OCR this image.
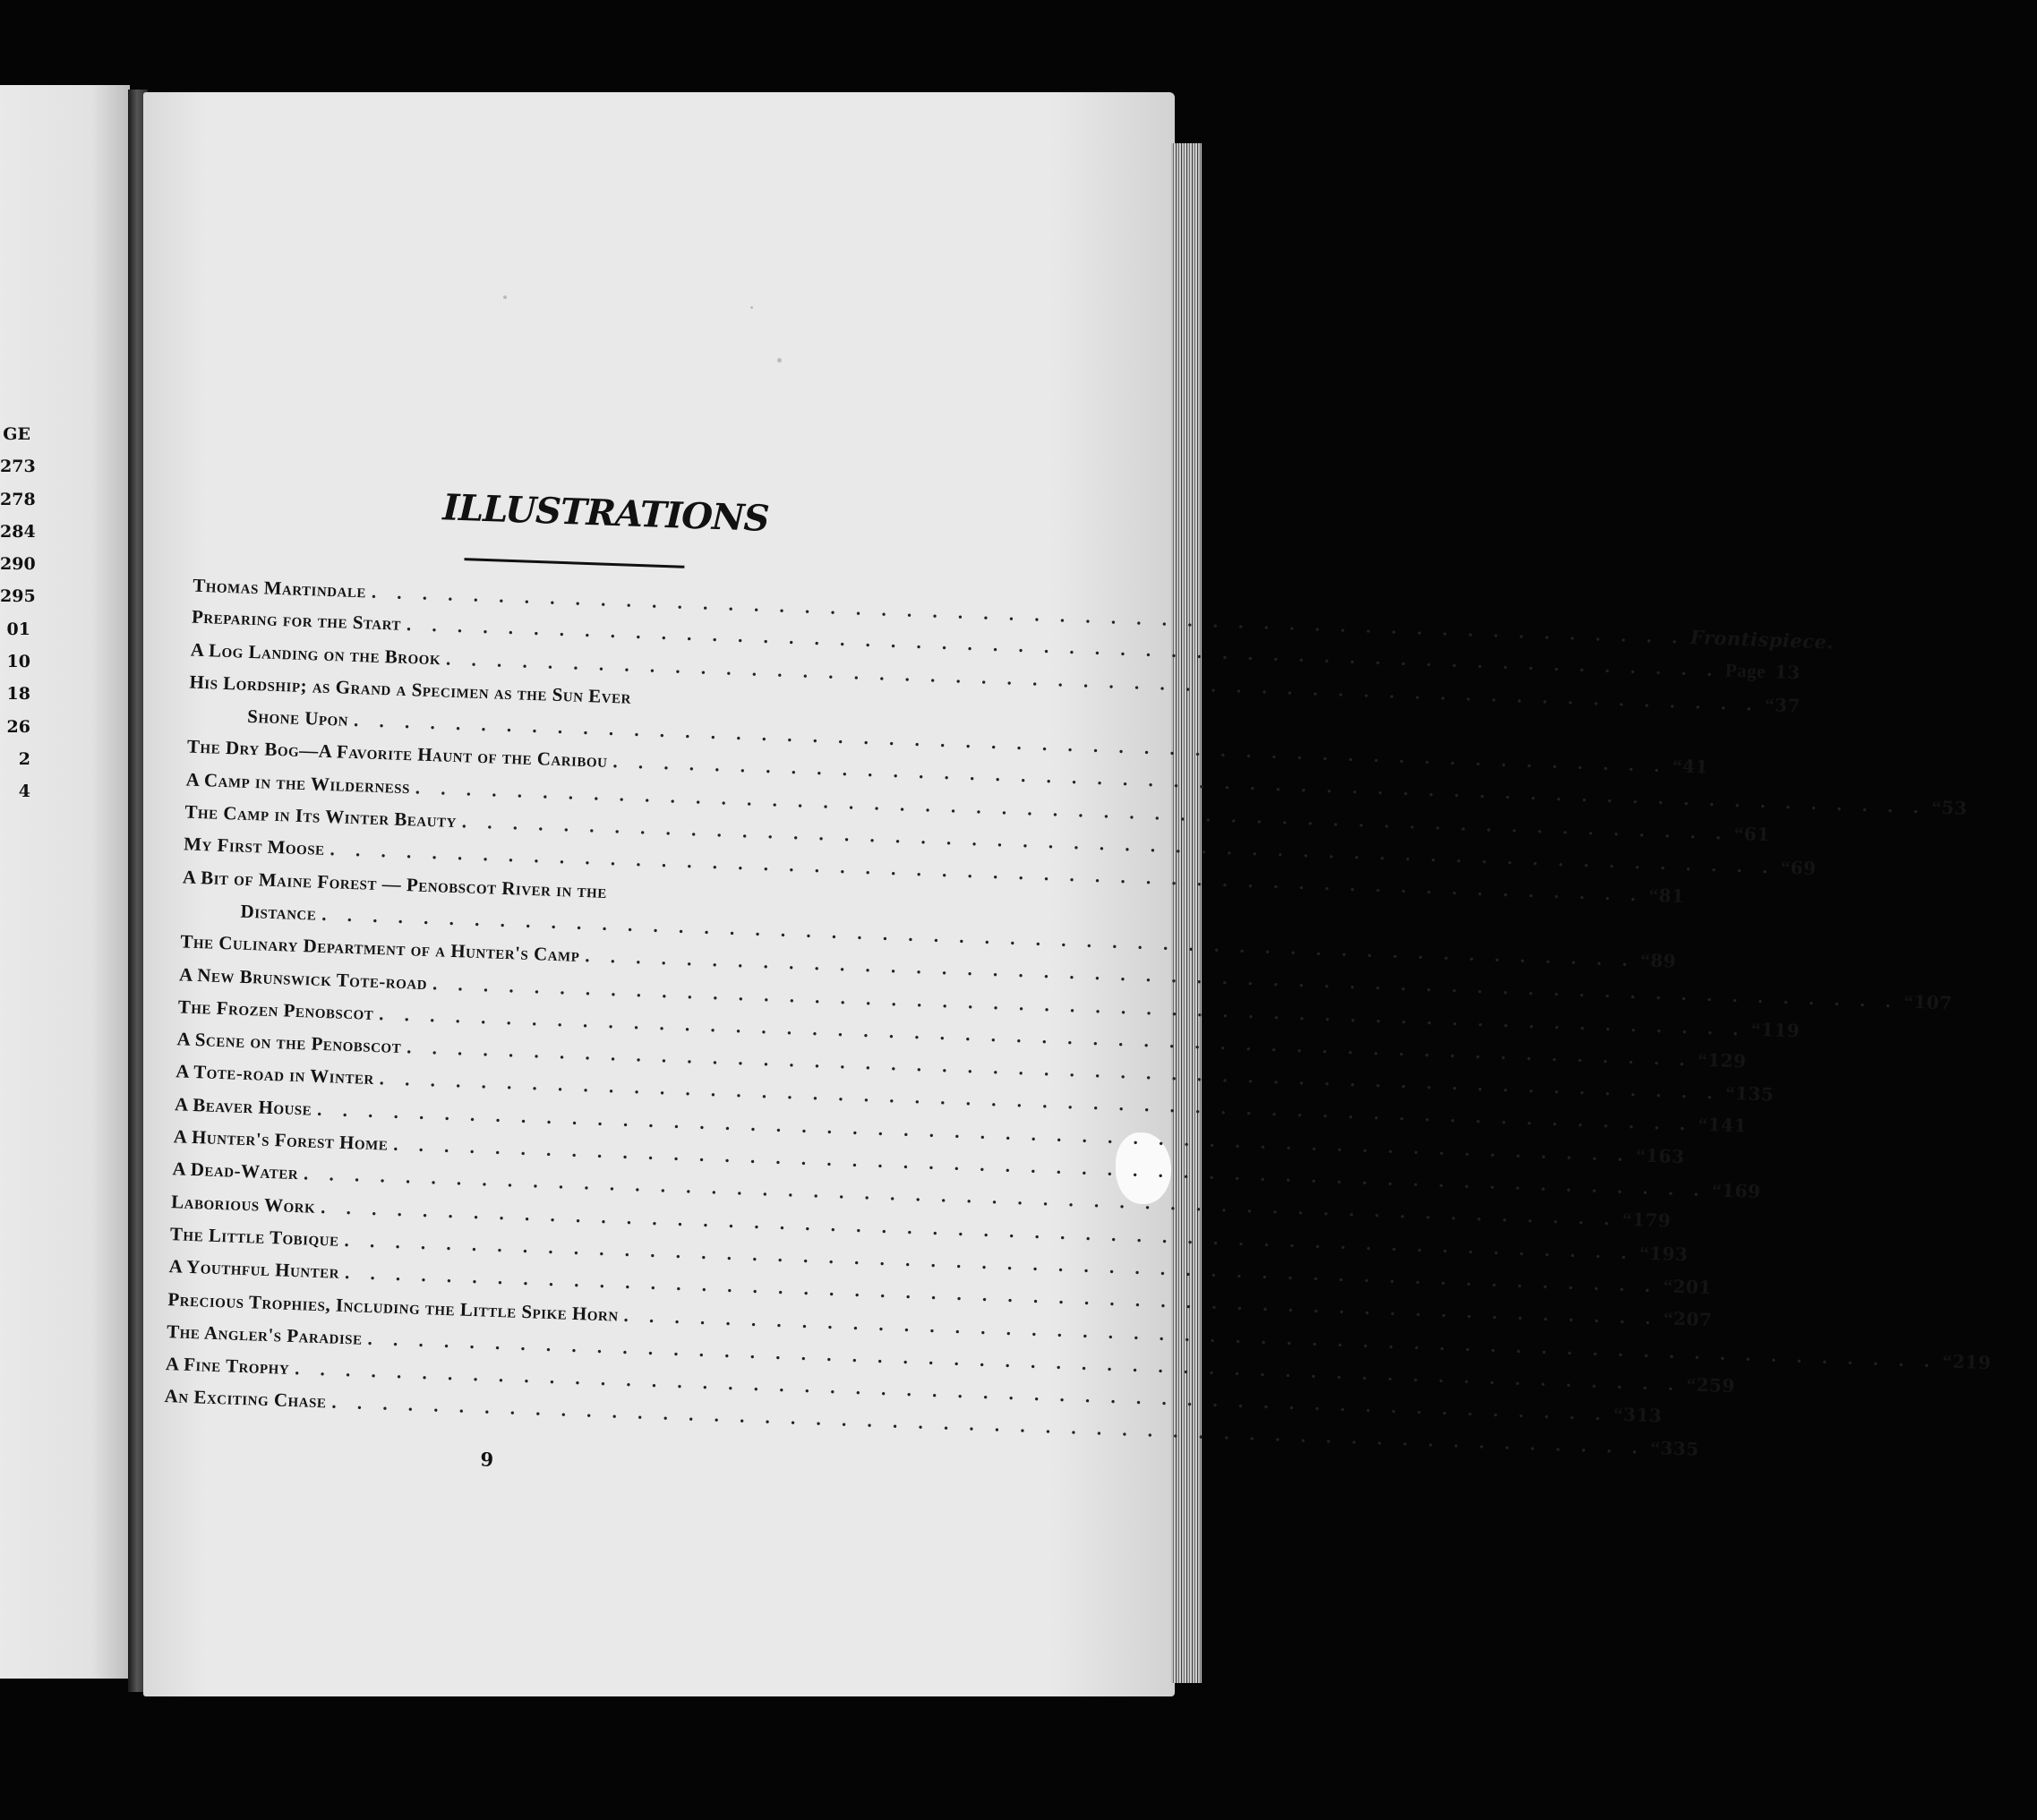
GE
273
278
284
290
295
01
10
18
26
2
4
ILLUSTRATIONS
Thomas Martindale
. . .
Frontispiece.
Preparing for the Start
. . .
Page 13
A Log Landing on the Brook
. . .
“ 37
His Lordship; as Grand a Specimen as the Sun Ever
Shone Upon
. . .
“ 41
The Dry Bog—A Favorite Haunt of the Caribou
. . .
“ 53
A Camp in the Wilderness
. . .
“ 61
The Camp in Its Winter Beauty
. . .
“ 69
My First Moose
. . .
“ 81
A Bit of Maine Forest — Penobscot River in the
Distance
. . .
“ 89
The Culinary Department of a Hunter's Camp
. . .
“ 107
A New Brunswick Tote-road
. . .
“ 119
The Frozen Penobscot
. . .
“ 129
A Scene on the Penobscot
. . .
“ 135
A Tote-road in Winter
. . .
“ 141
A Beaver House
. . .
“ 163
A Hunter's Forest Home
. . .
“ 169
A Dead-Water
. . .
“ 179
Laborious Work
. . .
“ 193
The Little Tobique
. . .
“ 201
A Youthful Hunter
. . .
“ 207
Precious Trophies, Including the Little Spike Horn
. . .
“ 219
The Angler's Paradise
. . .
“ 259
A Fine Trophy
. . .
“ 313
An Exciting Chase
. . .
“ 335
9
